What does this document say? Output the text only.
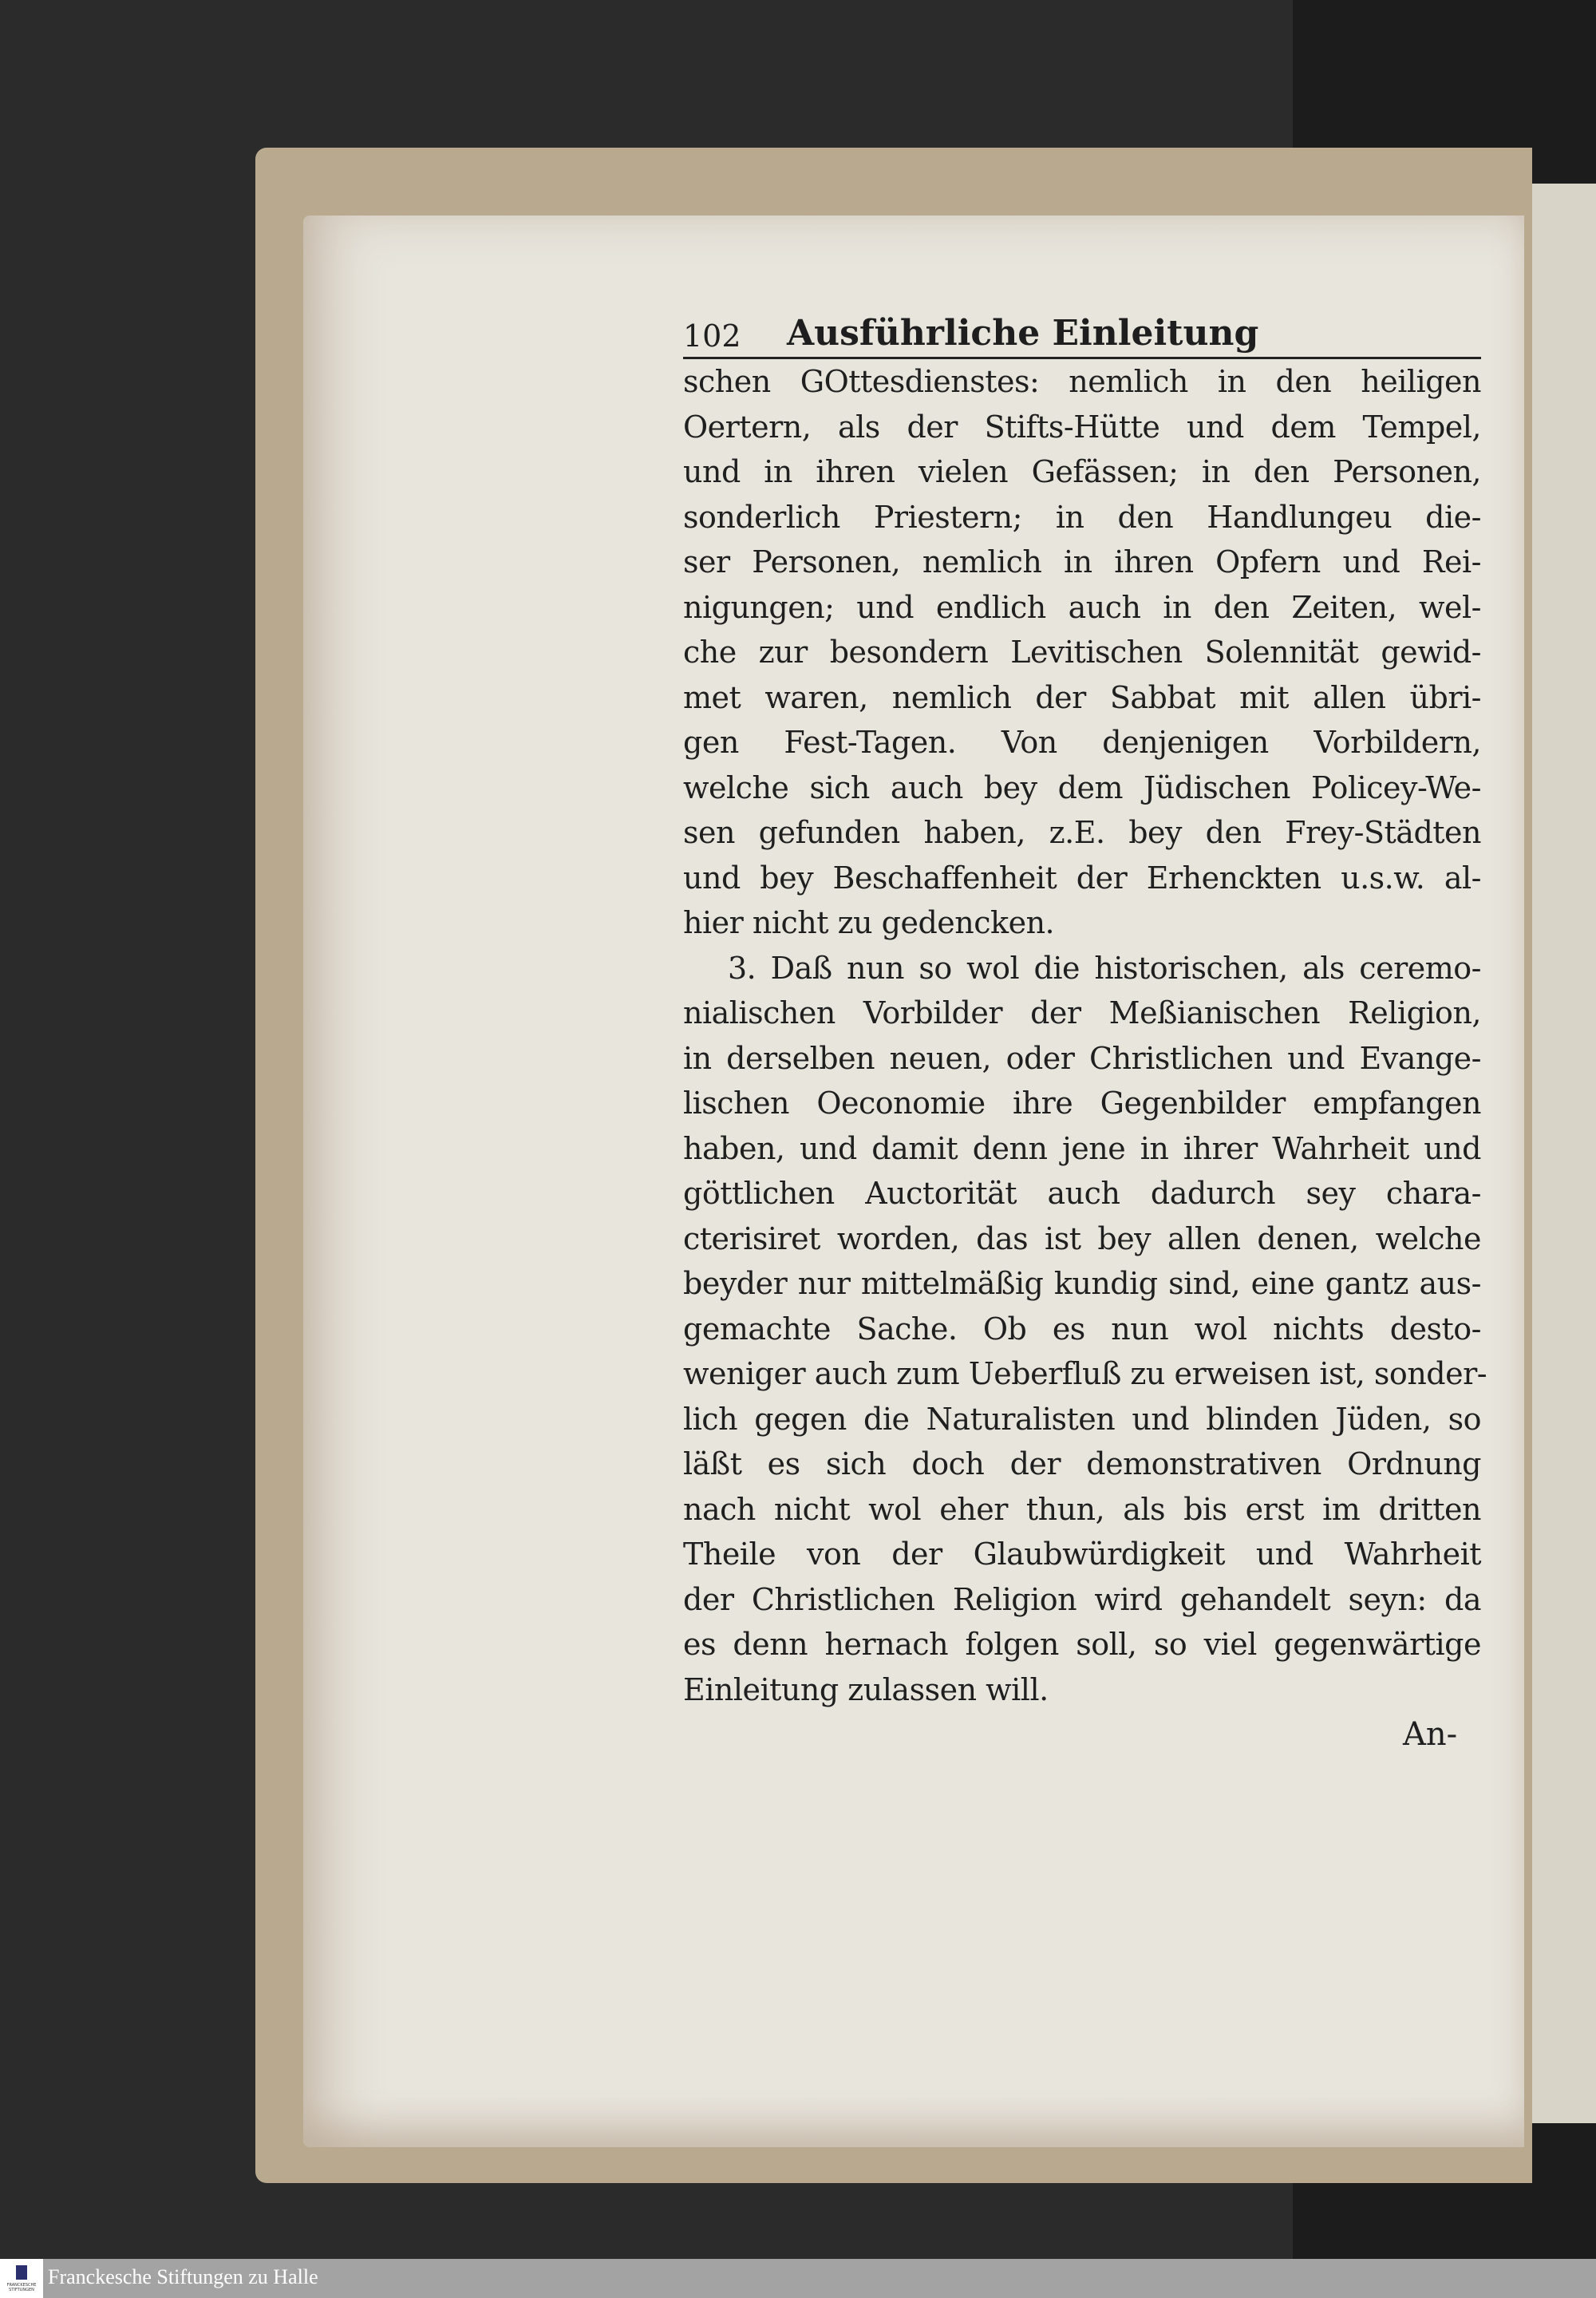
102	Ausführliche Einleitung
schen GOttesdienstes: nemlich in den heiligen
Oertern, als der Stifts-Hütte und dem Tempel,
und in ihren vielen Gefässen; in den Personen,
sonderlich Priestern; in den Handlungeu die-
ser Personen, nemlich in ihren Opfern und Rei-
nigungen; und endlich auch in den Zeiten, wel-
che zur besondern Levitischen Solennität gewid-
met waren, nemlich der Sabbat mit allen übri-
gen Fest-Tagen. Von denjenigen Vorbildern,
welche sich auch bey dem Jüdischen Policey-We-
sen gefunden haben, z.E. bey den Frey-Städten
und bey Beschaffenheit der Erhenckten u.s.w. al-
hier nicht zu gedencken.
3. Daß nun so wol die historischen, als ceremo-
nialischen Vorbilder der Meßianischen Religion,
in derselben neuen, oder Christlichen und Evange-
lischen Oeconomie ihre Gegenbilder empfangen
haben, und damit denn jene in ihrer Wahrheit und
göttlichen Auctorität auch dadurch sey chara-
cterisiret worden, das ist bey allen denen, welche
beyder nur mittelmäßig kundig sind, eine gantz aus-
gemachte Sache. Ob es nun wol nichts desto-
weniger auch zum Ueberfluß zu erweisen ist, sonder-
lich gegen die Naturalisten und blinden Jüden, so
läßt es sich doch der demonstrativen Ordnung
nach nicht wol eher thun, als bis erst im dritten
Theile von der Glaubwürdigkeit und Wahrheit
der Christlichen Religion wird gehandelt seyn: da
es denn hernach folgen soll, so viel gegenwärtige
Einleitung zulassen will.
An-
FRANCKESCHE STIFTUNGEN
Franckesche Stiftungen zu Halle
